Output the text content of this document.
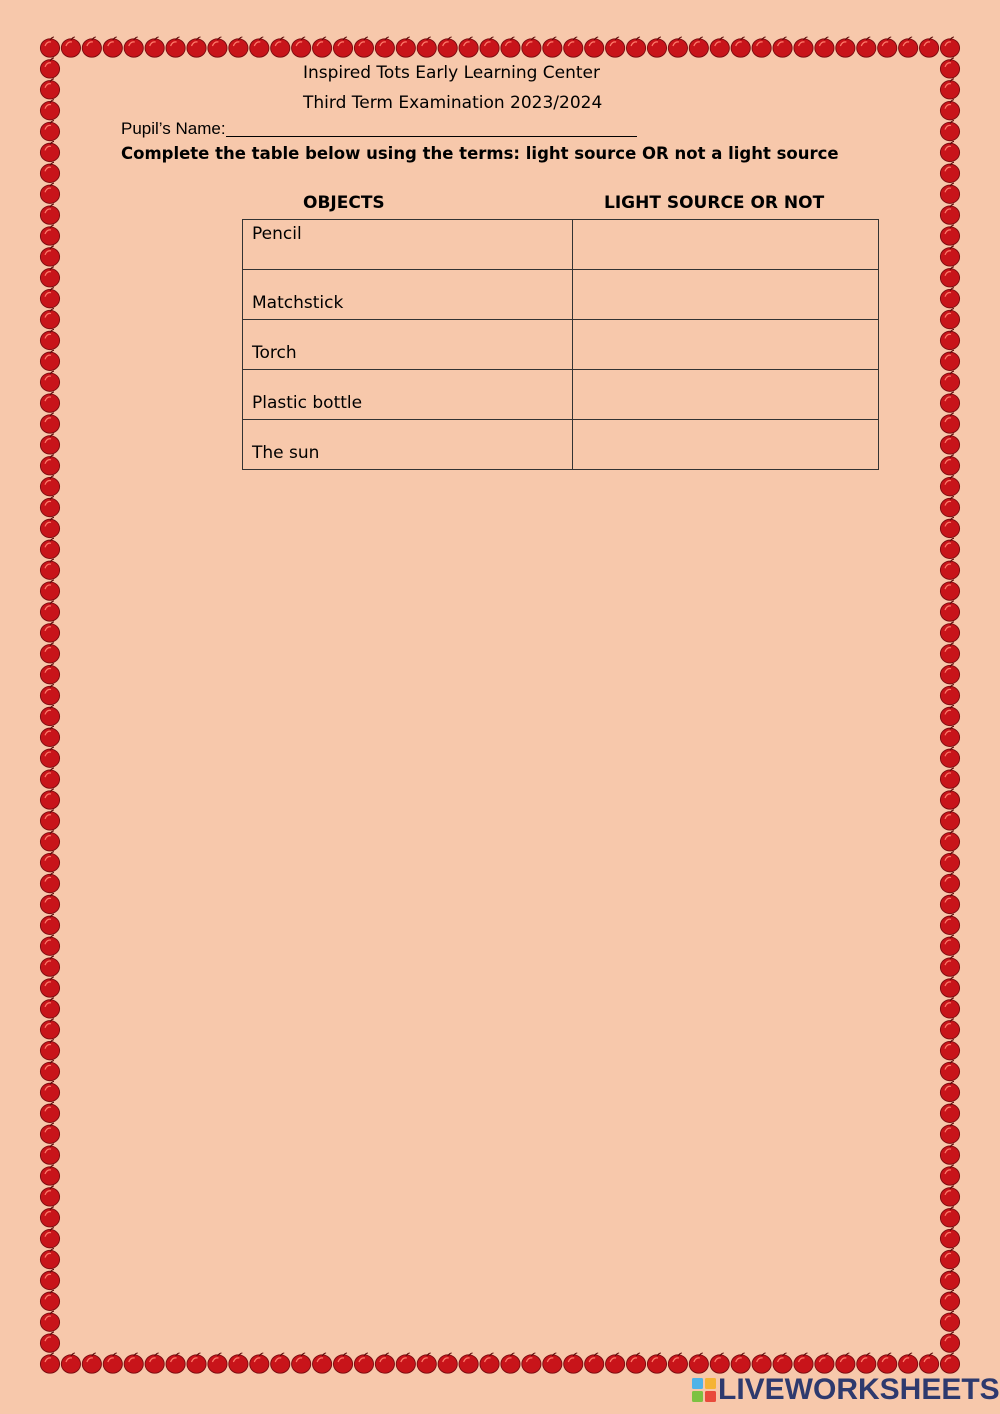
Inspired Tots Early Learning Center
Third Term Examination 2023/2024
Pupil’s Name:
Complete the table below using the terms: light source OR not a light source
OBJECTS	LIGHT SOURCE OR NOT
Pencil	

Matchstick	

Torch	

Plastic bottle	

The sun	

LIVEWORKSHEETS
